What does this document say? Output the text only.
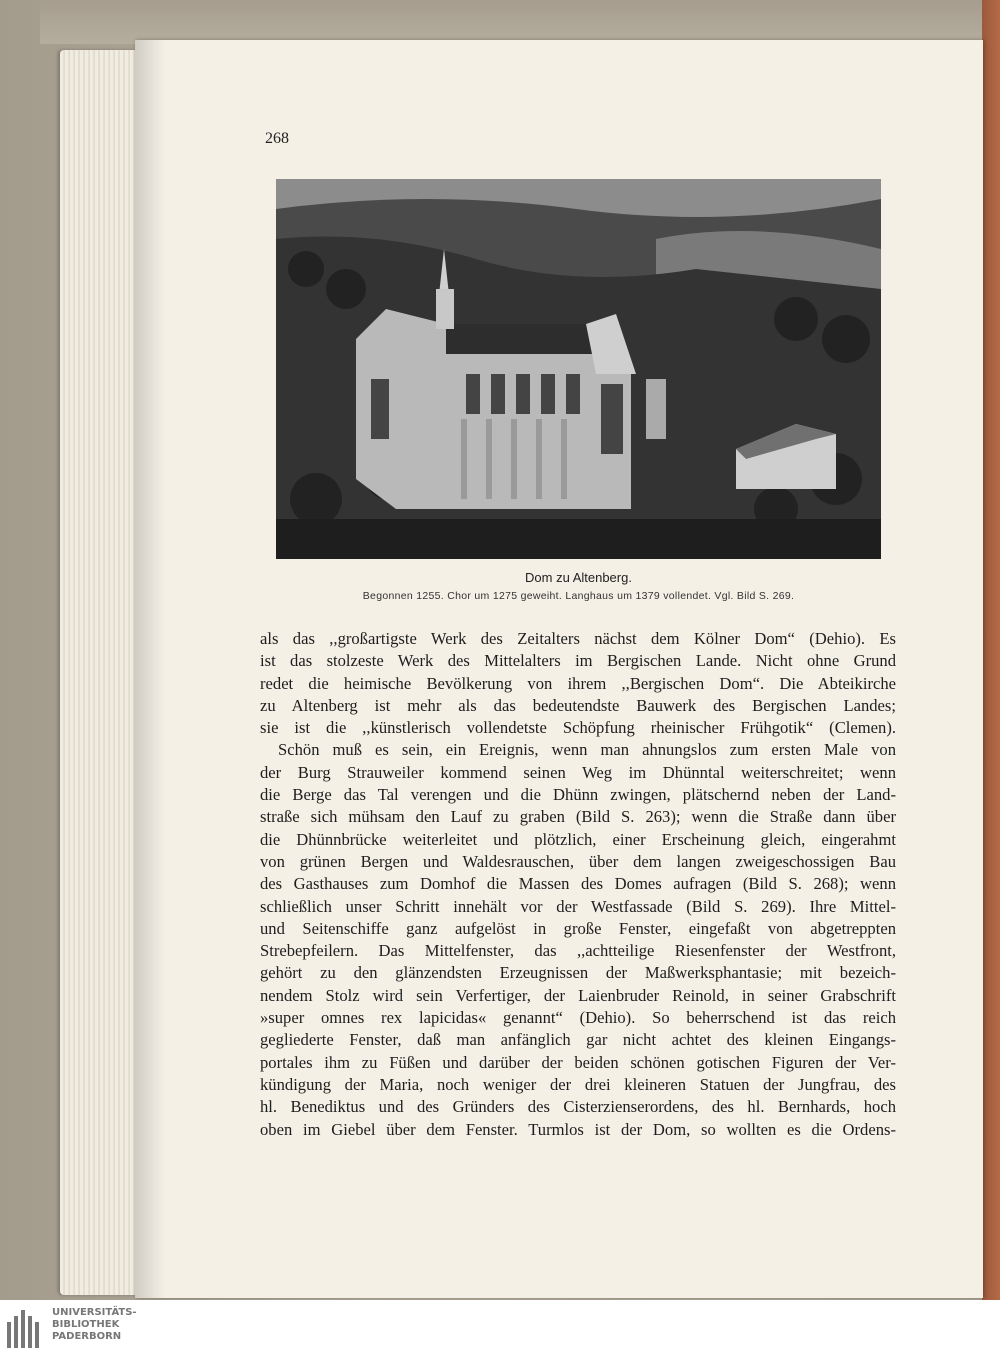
268
Dom zu Altenberg.
Begonnen 1255. Chor um 1275 geweiht. Langhaus um 1379 vollendet. Vgl. Bild S. 269.

als das ,,großartigste Werk des Zeitalters nächst dem Kölner Dom“ (Dehio). Es

ist das stolzeste Werk des Mittelalters im Bergischen Lande. Nicht ohne Grund

redet die heimische Bevölkerung von ihrem ,,Bergischen Dom“. Die Abteikirche

zu Altenberg ist mehr als das bedeutendste Bauwerk des Bergischen Landes;

sie ist die ,,künstlerisch vollendetste Schöpfung rheinischer Frühgotik“ (Clemen).

Schön muß es sein, ein Ereignis, wenn man ahnungslos zum ersten Male von

der Burg Strauweiler kommend seinen Weg im Dhünntal weiterschreitet; wenn

die Berge das Tal verengen und die Dhünn zwingen, plätschernd neben der Land-

straße sich mühsam den Lauf zu graben (Bild S. 263); wenn die Straße dann über

die Dhünnbrücke weiterleitet und plötzlich, einer Erscheinung gleich, eingerahmt

von grünen Bergen und Waldesrauschen, über dem langen zweigeschossigen Bau

des Gasthauses zum Domhof die Massen des Domes aufragen (Bild S. 268); wenn

schließlich unser Schritt innehält vor der Westfassade (Bild S. 269). Ihre Mittel-

und Seitenschiffe ganz aufgelöst in große Fenster, eingefaßt von abgetreppten

Strebepfeilern. Das Mittelfenster, das ,,achtteilige Riesenfenster der Westfront,

gehört zu den glänzendsten Erzeugnissen der Maßwerksphantasie; mit bezeich-

nendem Stolz wird sein Verfertiger, der Laienbruder Reinold, in seiner Grabschrift

»super omnes rex lapicidas« genannt“ (Dehio). So beherrschend ist das reich

gegliederte Fenster, daß man anfänglich gar nicht achtet des kleinen Eingangs-

portales ihm zu Füßen und darüber der beiden schönen gotischen Figuren der Ver-

kündigung der Maria, noch weniger der drei kleineren Statuen der Jungfrau, des

hl. Benediktus und des Gründers des Cisterzienserordens, des hl. Bernhards, hoch

oben im Giebel über dem Fenster. Turmlos ist der Dom, so wollten es die Ordens-

UNIVERSITÄTS-
BIBLIOTHEK
PADERBORN
